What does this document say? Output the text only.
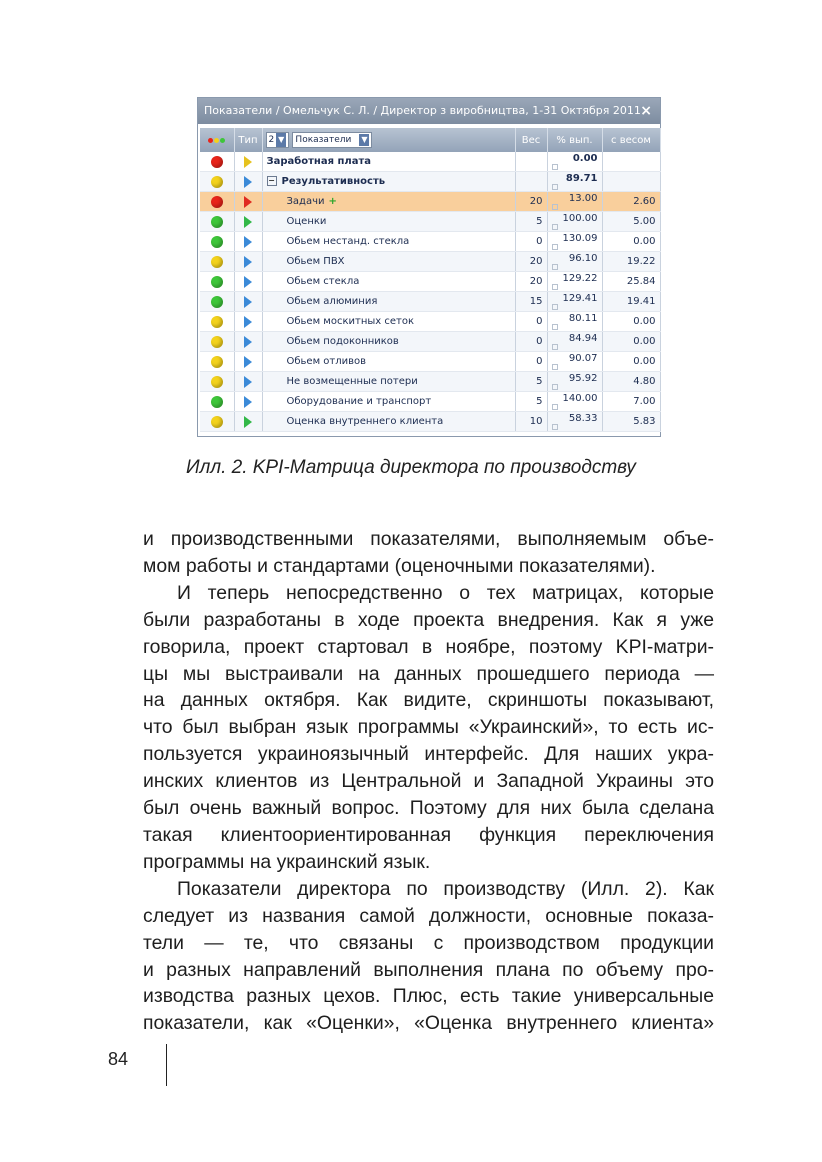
Показатели / Омельчук С. Л. / Директор з виробництва, 1-31 Октября 2011 ×
	Тип	2 ▼ Показатели ▼	Вес	% вып.	с весом
		Заработная плата		0.00	
		− Результативность		89.71	
		Задачи +	20	13.00	2.60
		Оценки	5	100.00	5.00
		Обьем нестанд. стекла	0	130.09	0.00
		Обьем ПВХ	20	96.10	19.22
		Обьем стекла	20	129.22	25.84
		Обьем алюминия	15	129.41	19.41
		Обьем москитных сеток	0	80.11	0.00
		Обьем подоконников	0	84.94	0.00
		Обьем отливов	0	90.07	0.00
		Не возмещенные потери	5	95.92	4.80
		Оборудование и транспорт	5	140.00	7.00
		Оценка внутреннего клиента	10	58.33	5.83
Илл. 2. KPI-Матрица директора по производству

и производственными показателями, выполняемым объе-

мом работы и стандартами (оценочными показателями).

И теперь непосредственно о тех матрицах, которые

были разработаны в ходе проекта внедрения. Как я уже

говорила, проект стартовал в ноябре, поэтому KPI-матри-

цы мы выстраивали на данных прошедшего периода —

на данных октября. Как видите, скриншоты показывают,

что был выбран язык программы «Украинский», то есть ис-

пользуется украиноязычный интерфейс. Для наших укра-

инских клиентов из Центральной и Западной Украины это

был очень важный вопрос. Поэтому для них была сделана

такая клиентоориентированная функция переключения

программы на украинский язык.

Показатели директора по производству (Илл. 2). Как

следует из названия самой должности, основные показа-

тели — те, что связаны с производством продукции

и разных направлений выполнения плана по объему про-

изводства разных цехов. Плюс, есть такие универсальные

показатели, как «Оценки», «Оценка внутреннего клиента»

84
